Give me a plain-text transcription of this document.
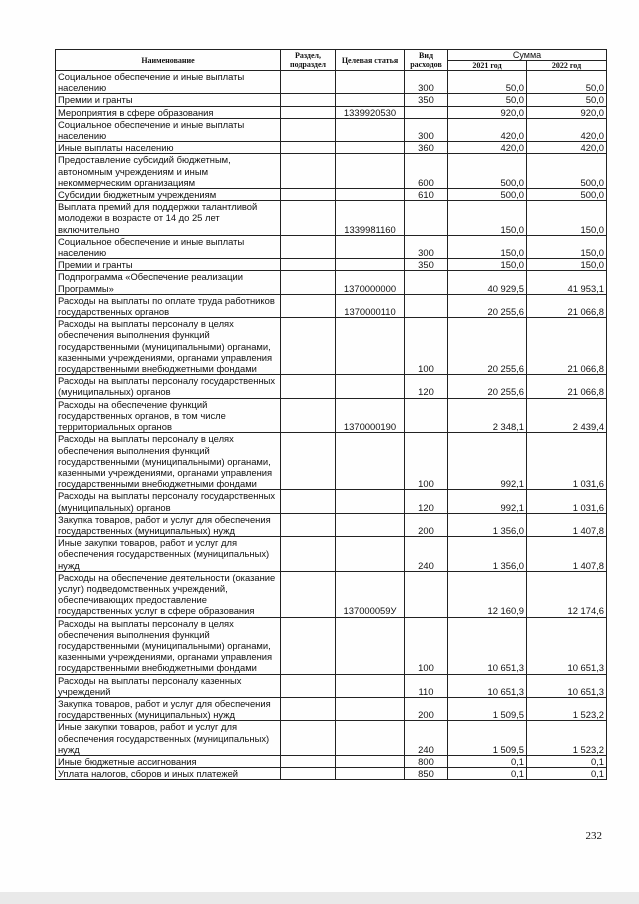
Наименование	Раздел, подраздел	Целевая статья	Вид расходов	Сумма	
				2021 год	2022 год
Социальное обеспечение и иные выплаты населению			300	50,0	50,0
Премии и гранты			350	50,0	50,0
Мероприятия в сфере образования		1339920530		920,0	920,0
Социальное обеспечение и иные выплаты населению			300	420,0	420,0
Иные выплаты населению			360	420,0	420,0
Предоставление субсидий бюджетным, автономным учреждениям и иным некоммерческим организациям			600	500,0	500,0
Субсидии бюджетным учреждениям			610	500,0	500,0
Выплата премий для поддержки талантливой молодежи в возрасте от 14 до 25 лет включительно		1339981160		150,0	150,0
Социальное обеспечение и иные выплаты населению			300	150,0	150,0
Премии и гранты			350	150,0	150,0
Подпрограмма «Обеспечение реализации Программы»		1370000000		40 929,5	41 953,1
Расходы на выплаты по оплате труда работников государственных органов		1370000110		20 255,6	21 066,8
Расходы на выплаты персоналу в целях обеспечения выполнения функций государственными (муниципальными) органами, казенными учреждениями, органами управления государственными внебюджетными фондами			100	20 255,6	21 066,8
Расходы на выплаты персоналу государственных (муниципальных) органов			120	20 255,6	21 066,8
Расходы на обеспечение функций государственных органов, в том числе территориальных органов		1370000190		2 348,1	2 439,4
Расходы на выплаты персоналу в целях обеспечения выполнения функций государственными (муниципальными) органами, казенными учреждениями, органами управления государственными внебюджетными фондами			100	992,1	1 031,6
Расходы на выплаты персоналу государственных (муниципальных) органов			120	992,1	1 031,6
Закупка товаров, работ и услуг для обеспечения государственных (муниципальных) нужд			200	1 356,0	1 407,8
Иные закупки товаров, работ и услуг для обеспечения государственных (муниципальных) нужд			240	1 356,0	1 407,8
Расходы на обеспечение деятельности (оказание услуг) подведомственных учреждений, обеспечивающих предоставление государственных услуг в сфере образования		137000059У		12 160,9	12 174,6
Расходы на выплаты персоналу в целях обеспечения выполнения функций государственными (муниципальными) органами, казенными учреждениями, органами управления государственными внебюджетными фондами			100	10 651,3	10 651,3
Расходы на выплаты персоналу казенных учреждений			110	10 651,3	10 651,3
Закупка товаров, работ и услуг для обеспечения государственных (муниципальных) нужд			200	1 509,5	1 523,2
Иные закупки товаров, работ и услуг для обеспечения государственных (муниципальных) нужд			240	1 509,5	1 523,2
Иные бюджетные ассигнования			800	0,1	0,1
Уплата налогов, сборов и иных платежей			850	0,1	0,1
232
